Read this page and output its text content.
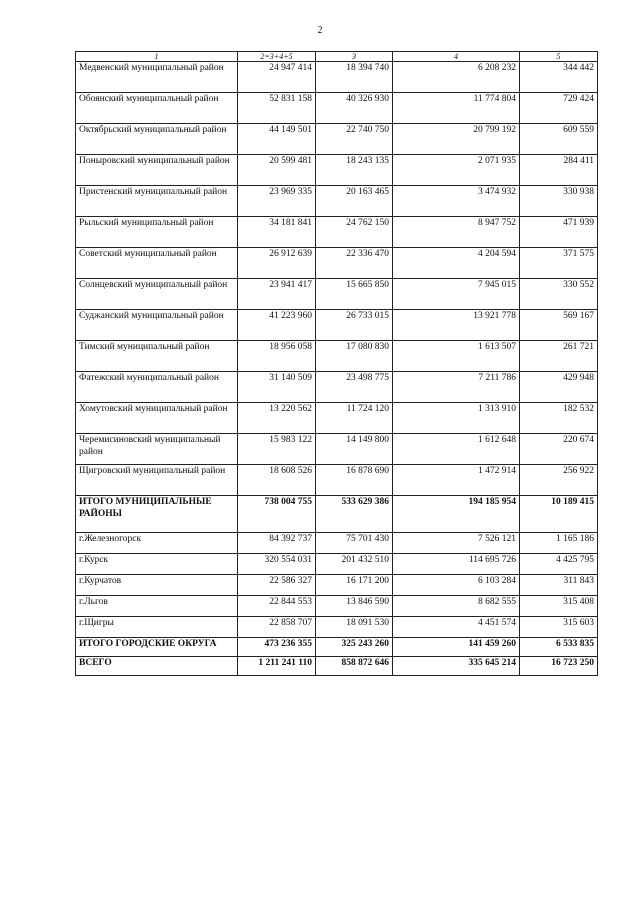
2
1	2=3+4+5	3	4	5
Медвенский муниципальный район	24 947 414	18 394 740	6 208 232	344 442
Обоянский муниципальный район	52 831 158	40 326 930	11 774 804	729 424
Октябрьский муниципальный район	44 149 501	22 740 750	20 799 192	609 559
Поныровский муниципальный район	20 599 481	18 243 135	2 071 935	284 411
Пристенский муниципальный район	23 969 335	20 163 465	3 474 932	330 938
Рыльский муниципальный район	34 181 841	24 762 150	8 947 752	471 939
Советский муниципальный район	26 912 639	22 336 470	4 204 594	371 575
Солнцевский муниципальный район	23 941 417	15 665 850	7 945 015	330 552
Суджанский муниципальный район	41 223 960	26 733 015	13 921 778	569 167
Тимский муниципальный район	18 956 058	17 080 830	1 613 507	261 721
Фатежский муниципальный район	31 140 509	23 498 775	7 211 786	429 948
Хомутовский муниципальный район	13 220 562	11 724 120	1 313 910	182 532
Черемисиновский муниципальный район	15 983 122	14 149 800	1 612 648	220 674
Щигровский муниципальный район	18 608 526	16 878 690	1 472 914	256 922
ИТОГО МУНИЦИПАЛЬНЫЕ РАЙОНЫ	738 004 755	533 629 386	194 185 954	10 189 415
г.Железногорск	84 392 737	75 701 430	7 526 121	1 165 186
г.Курск	320 554 031	201 432 510	114 695 726	4 425 795
г.Курчатов	22 586 327	16 171 200	6 103 284	311 843
г.Льгов	22 844 553	13 846 590	8 682 555	315 408
г.Щигры	22 858 707	18 091 530	4 451 574	315 603
ИТОГО ГОРОДСКИЕ ОКРУГА	473 236 355	325 243 260	141 459 260	6 533 835
ВСЕГО	1 211 241 110	858 872 646	335 645 214	16 723 250
